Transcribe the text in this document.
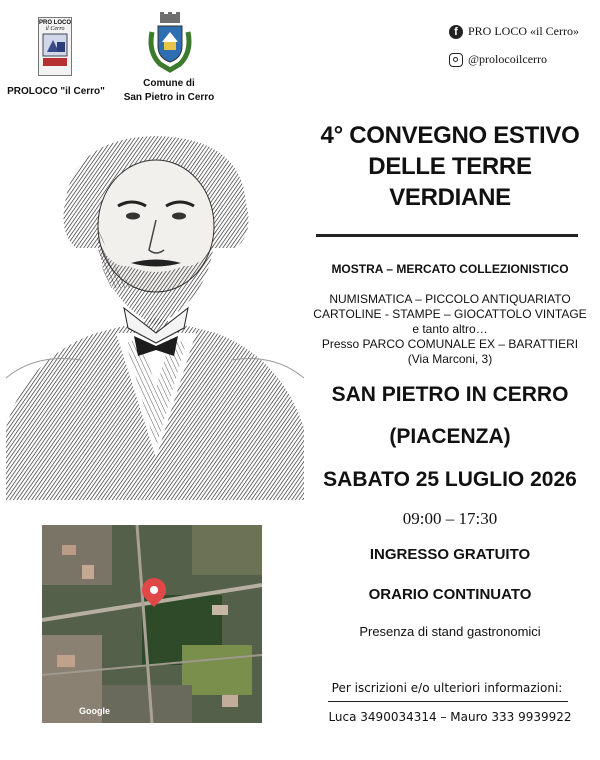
PRO LOCO
il Cerro
PROLOCO "il Cerro"
Comune di
San Pietro in Cerro
f PRO LOCO «il Cerro»
@prolocoilcerro
4° CONVEGNO ESTIVO
DELLE TERRE
VERDIANE
MOSTRA – MERCATO COLLEZIONISTICO
NUMISMATICA – PICCOLO ANTIQUARIATO
CARTOLINE - STAMPE – GIOCATTOLO VINTAGE
e tanto altro…
Presso PARCO COMUNALE EX – BARATTIERI
(Via Marconi, 3)
SAN PIETRO IN CERRO
(PIACENZA)
SABATO 25 LUGLIO 2026
09:00 – 17:30
INGRESSO GRATUITO
ORARIO CONTINUATO
Presenza di stand gastronomici
Per iscrizioni e/o ulteriori informazioni:
Luca 3490034314 – Mauro 333 9939922
Google
